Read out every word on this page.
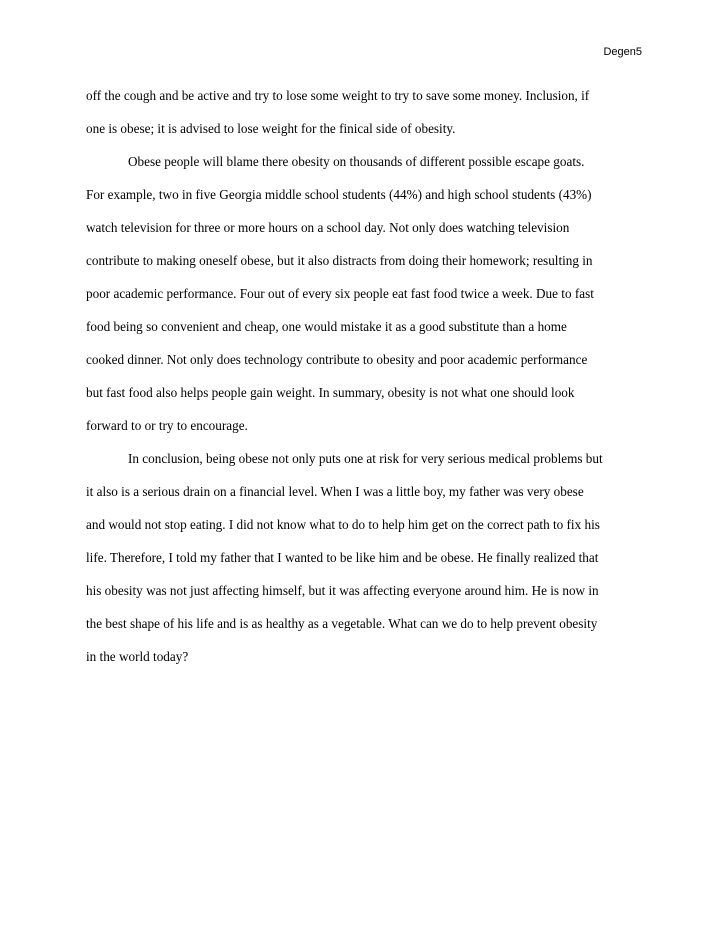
Degen5
off the cough and be active and try to lose some weight to try to save some money. Inclusion, if
one is obese; it is advised to lose weight for the finical side of obesity.
Obese people will blame there obesity on thousands of different possible escape goats.
For example, two in five Georgia middle school students (44%) and high school students (43%)
watch television for three or more hours on a school day. Not only does watching television
contribute to making oneself obese, but it also distracts from doing their homework; resulting in
poor academic performance. Four out of every six people eat fast food twice a week. Due to fast
food being so convenient and cheap, one would mistake it as a good substitute than a home
cooked dinner. Not only does technology contribute to obesity and poor academic performance
but fast food also helps people gain weight. In summary, obesity is not what one should look
forward to or try to encourage.
In conclusion, being obese not only puts one at risk for very serious medical problems but
it also is a serious drain on a financial level. When I was a little boy, my father was very obese
and would not stop eating. I did not know what to do to help him get on the correct path to fix his
life. Therefore, I told my father that I wanted to be like him and be obese. He finally realized that
his obesity was not just affecting himself, but it was affecting everyone around him. He is now in
the best shape of his life and is as healthy as a vegetable. What can we do to help prevent obesity
in the world today?
